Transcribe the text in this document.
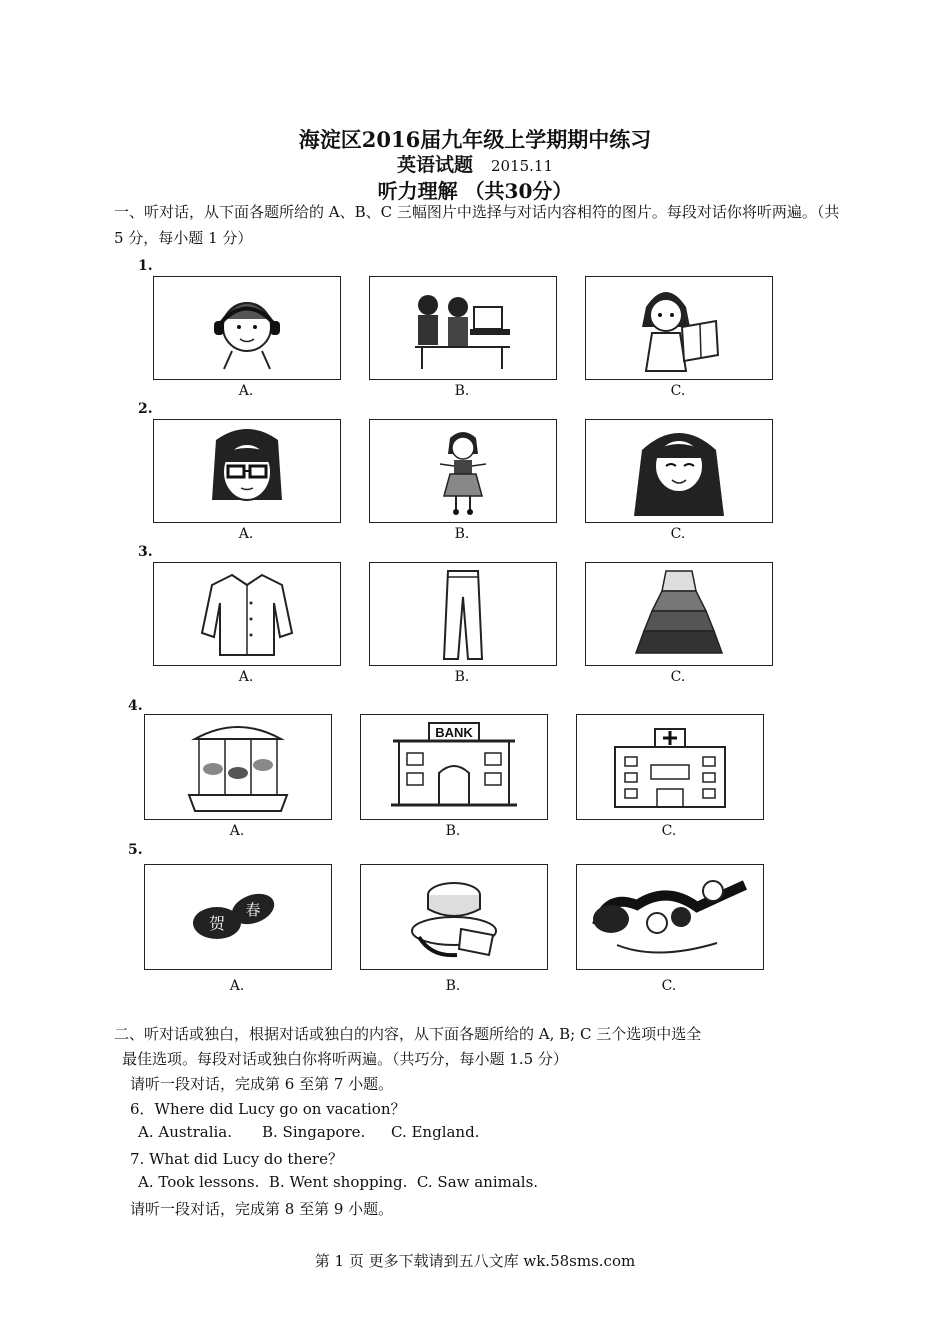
海淀区2016届九年级上学期期中练习
英语试题 2015.11
听力理解 （共30分）
一、听对话，从下面各题所给的 A、B、C 三幅图片中选择与对话内容相符的图片。每段对话你将听两遍。（共 5 分，每小题 1 分）
1.
A.	B.	C.
2.
A.	B.	C.
3.
A.	B.	C.
4.
BANK
A.	B.	C.
5.
贺
春
A.	B.	C.
二、听对话或独白，根据对话或独白的内容，从下面各题所给的 A, B; C 三个选项中选全
最佳选项。每段对话或独白你将听两遍。（共巧分，每小题 1.5 分）
请听一段对话，完成第 6 至第 7 小题。
6．Where did Lucy go on vacation？
A. Australia. B. Singapore. C. England.
7. What did Lucy do there？
A. Took lessons.  B. Went shopping.  C. Saw animals.
请听一段对话，完成第 8 至第 9 小题。
第 1 页 更多下载请到五八文库 wk.58sms.com
